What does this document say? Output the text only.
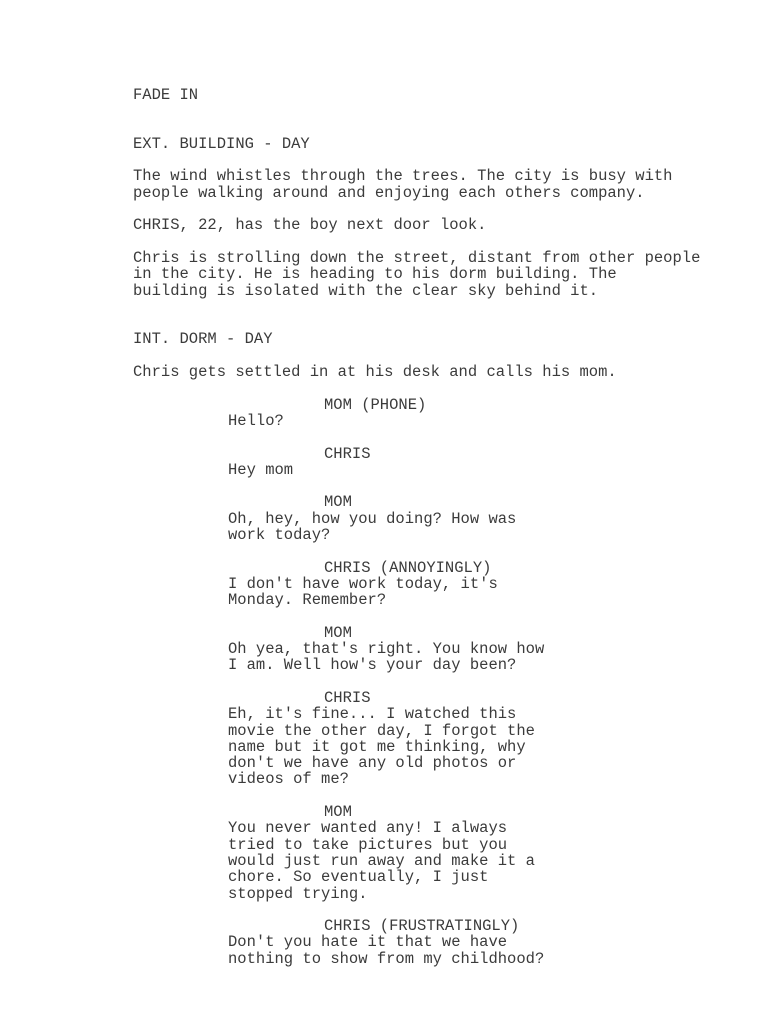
FADE IN
EXT. BUILDING - DAY
The wind whistles through the trees. The city is busy with
people walking around and enjoying each others company.
CHRIS, 22, has the boy next door look.
Chris is strolling down the street, distant from other people
in the city. He is heading to his dorm building. The
building is isolated with the clear sky behind it.
INT. DORM - DAY
Chris gets settled in at his desk and calls his mom.
MOM (PHONE)
Hello?
CHRIS
Hey mom
MOM
Oh, hey, how you doing? How was
work today?
CHRIS (ANNOYINGLY)
I don't have work today, it's
Monday. Remember?
MOM
Oh yea, that's right. You know how
I am. Well how's your day been?
CHRIS
Eh, it's fine... I watched this
movie the other day, I forgot the
name but it got me thinking, why
don't we have any old photos or
videos of me?
MOM
You never wanted any! I always
tried to take pictures but you
would just run away and make it a
chore. So eventually, I just
stopped trying.
CHRIS (FRUSTRATINGLY)
Don't you hate it that we have
nothing to show from my childhood?
